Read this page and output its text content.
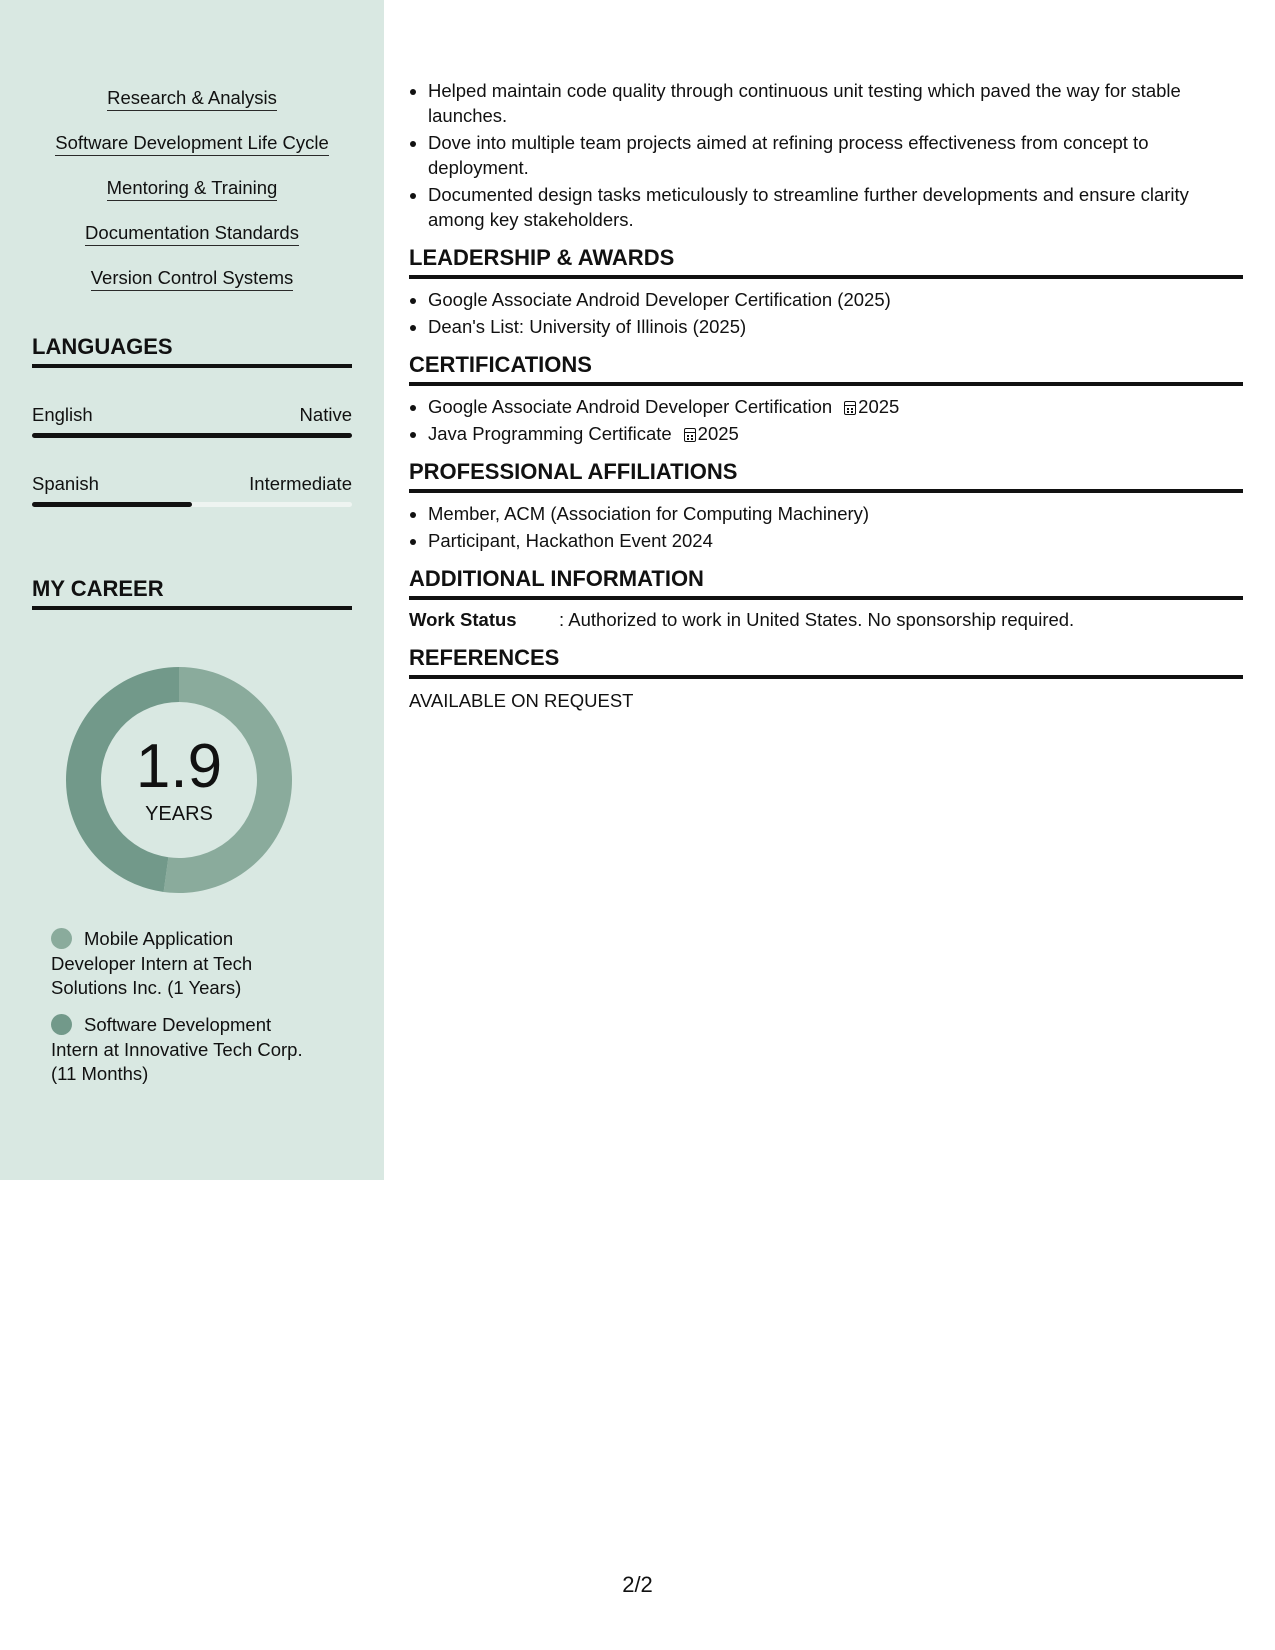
Research & Analysis
Software Development Life Cycle
Mentoring & Training
Documentation Standards
Version Control Systems
LANGUAGES
English	Native
Spanish	Intermediate
MY CAREER
1.9
YEARS
Mobile Application Developer Intern at Tech Solutions Inc. (1 Years)
Software Development Intern at Innovative Tech Corp. (11 Months)
• Helped maintain code quality through continuous unit testing which paved the way for stable launches.
• Dove into multiple team projects aimed at refining process effectiveness from concept to deployment.
• Documented design tasks meticulously to streamline further developments and ensure clarity among key stakeholders.
LEADERSHIP & AWARDS
• Google Associate Android Developer Certification (2025)
• Dean's List: University of Illinois (2025)
CERTIFICATIONS
• Google Associate Android Developer Certification 2025
• Java Programming Certificate 2025
PROFESSIONAL AFFILIATIONS
• Member, ACM (Association for Computing Machinery)
• Participant, Hackathon Event 2024
ADDITIONAL INFORMATION
Work Status	: Authorized to work in United States. No sponsorship required.
REFERENCES
AVAILABLE ON REQUEST
2/2
